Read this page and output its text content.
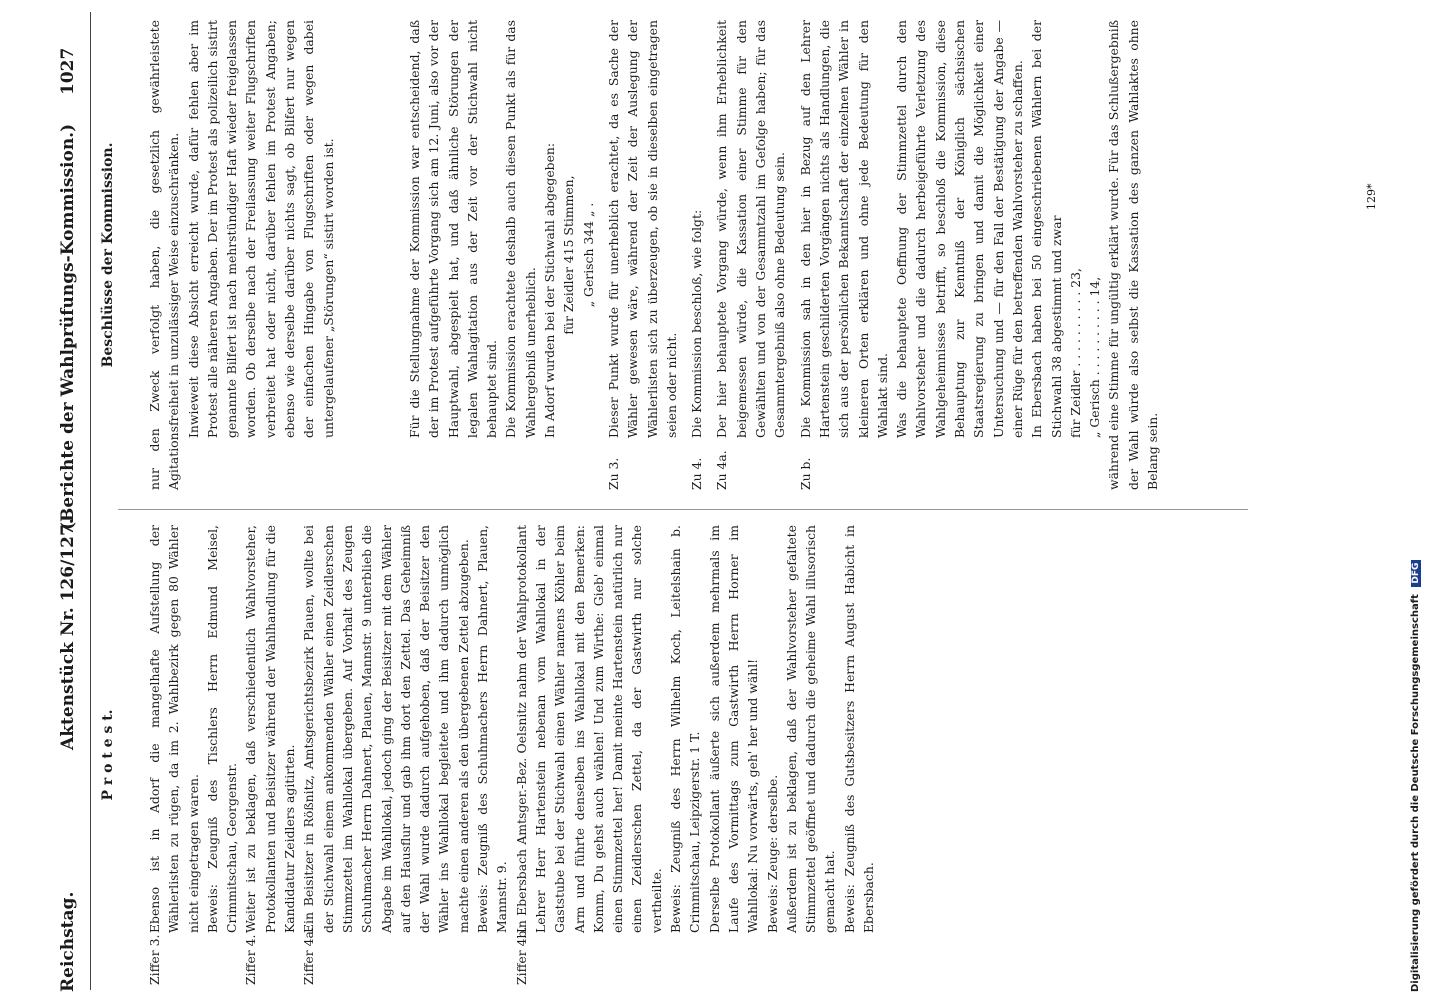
Reichstag.
Aktenstück Nr. 126/127.
(Berichte der Wahlprüfungs-Kommission.)
1027
P r o t e s t.
Ziffer 3.

Ebenso ist in Adorf die mangelhafte Aufstellung der Wählerlisten zu rügen, da im 2. Wahlbezirk gegen 80 Wähler nicht eingetragen waren. Beweis: Zeugniß des Tischlers Herrn Edmund Meisel, Crimmitschau, Georgenstr.

Ziffer 4.

Weiter ist zu beklagen, daß verschiedentlich Wahlvorsteher, Protokollanten und Beisitzer während der Wahlhandlung für die Kandidatur Zeidlers agitirten.

Ziffer 4a.

Ein Beisitzer in Rößnitz, Amtsgerichtsbezirk Plauen, wollte bei der Stichwahl einem ankommenden Wähler einen Zeidlerschen Stimmzettel im Wahllokal übergeben. Auf Vorhalt des Zeugen Schuhmacher Herrn Dahnert, Plauen, Mannstr. 9 unterblieb die Abgabe im Wahllokal, jedoch ging der Beisitzer mit dem Wähler auf den Hausflur und gab ihm dort den Zettel. Das Geheimniß der Wahl wurde dadurch aufgehoben, daß der Beisitzer den Wähler ins Wahllokal begleitete und ihm dadurch unmöglich machte einen anderen als den übergebenen Zettel abzugeben. Beweis: Zeugniß des Schuhmachers Herrn Dahnert, Plauen, Mannstr. 9.

Ziffer 4b.

In Ebersbach Amtsger.-Bez. Oelsnitz nahm der Wahlprotokollant Lehrer Herr Hartenstein nebenan vom Wahllokal in der Gaststube bei der Stichwahl einen Wähler namens Köhler beim Arm und führte denselben ins Wahllokal mit den Bemerken: Komm, Du gehst auch wählen! Und zum Wirthe: Gieb' einmal einen Stimmzettel her! Damit meinte Hartenstein natürlich nur einen Zeidlerschen Zettel, da der Gastwirth nur solche vertheilte. Beweis: Zeugniß des Herrn Wilhelm Koch, Leitelshain b. Crimmitschau, Leipzigerstr. 1 T. Derselbe Protokollant äußerte sich außerdem mehrmals im Laufe des Vormittags zum Gastwirth Herrn Horner im Wahllokal: Nu vorwärts, geh' her und wähl! Beweis: Zeuge: derselbe. Außerdem ist zu beklagen, daß der Wahlvorsteher gefaltete Stimmzettel geöffnet und dadurch die geheime Wahl illusorisch gemacht hat. Beweis: Zeugniß des Gutsbesitzers Herrn August Habicht in Ebersbach.

nur den Zweck verfolgt haben, die gesetzlich gewährleistete Agitationsfreiheit in unzulässiger Weise einzuschränken. Inwieweit diese Absicht erreicht wurde, dafür fehlen aber im Protest alle näheren Angaben. Der im Protest als polizeilich sistirt genannte Bilfert ist nach mehrstündiger Haft wieder freigelassen worden. Ob derselbe nach der Freilassung weiter Flugschriften verbreitet hat oder nicht, darüber fehlen im Protest Angaben; ebenso wie derselbe darüber nichts sagt, ob Bilfert nur wegen der einfachen Hingabe von Flugschriften oder wegen dabei untergelaufener „Störungen“ sistirt worden ist.

Beschlüsse der Kommission.	Für die Stellungnahme der Kommission war entscheidend, daß der im Protest aufgeführte Vorgang sich am 12. Juni, also vor der Hauptwahl, abgespielt hat, und daß ähnliche Störungen der legalen Wahlagitation aus der Zeit vor der Stichwahl nicht behauptet sind. Die Kommission erachtete deshalb auch diesen Punkt als für das Wahlergebniß unerheblich. In Adorf wurden bei der Stichwahl abgegeben: für Zeidler 415 Stimmen, „ Gerisch 344 „ .

Zu 3.

Dieser Punkt wurde für unerheblich erachtet, da es Sache der Wähler gewesen wäre, während der Zeit der Auslegung der Wählerlisten sich zu überzeugen, ob sie in dieselben eingetragen seien oder nicht.

Zu 4.

Die Kommission beschloß, wie folgt:

Zu 4a.

Der hier behauptete Vorgang würde, wenn ihm Erheblichkeit beigemessen würde, die Kassation einer Stimme für den Gewählten und von der Gesammtzahl im Gefolge haben; für das Gesammtergebniß also ohne Bedeutung sein.

Zu b.

Die Kommission sah in den hier in Bezug auf den Lehrer Hartenstein geschilderten Vorgängen nichts als Handlungen, die sich aus der persönlichen Bekanntschaft der einzelnen Wähler in kleineren Orten erklären und ohne jede Bedeutung für den Wahlakt sind. Was die behauptete Oeffnung der Stimmzettel durch den Wahlvorsteher und die dadurch herbeigeführte Verletzung des Wahlgeheimnisses betrifft, so beschloß die Kommission, diese Behauptung zur Kenntniß der Königlich sächsischen Staatsregierung zu bringen und damit die Möglichkeit einer Untersuchung und — für den Fall der Bestätigung der Angabe — einer Rüge für den betreffenden Wahlvorsteher zu schaffen. In Ebersbach haben bei 50 eingeschriebenen Wählern bei der Stichwahl 38 abgestimmt und zwar für Zeidler . . . . . . . . . . 23, „ Gerisch . . . . . . . . . . 14, während eine Stimme für ungültig erklärt wurde. Für das Schlußergebniß der Wahl würde also selbst die Kassation des ganzen Wahlaktes ohne Belang sein.

129*
Digitalisierung gefördert durch die Deutsche Forschungsgemeinschaft DFG
